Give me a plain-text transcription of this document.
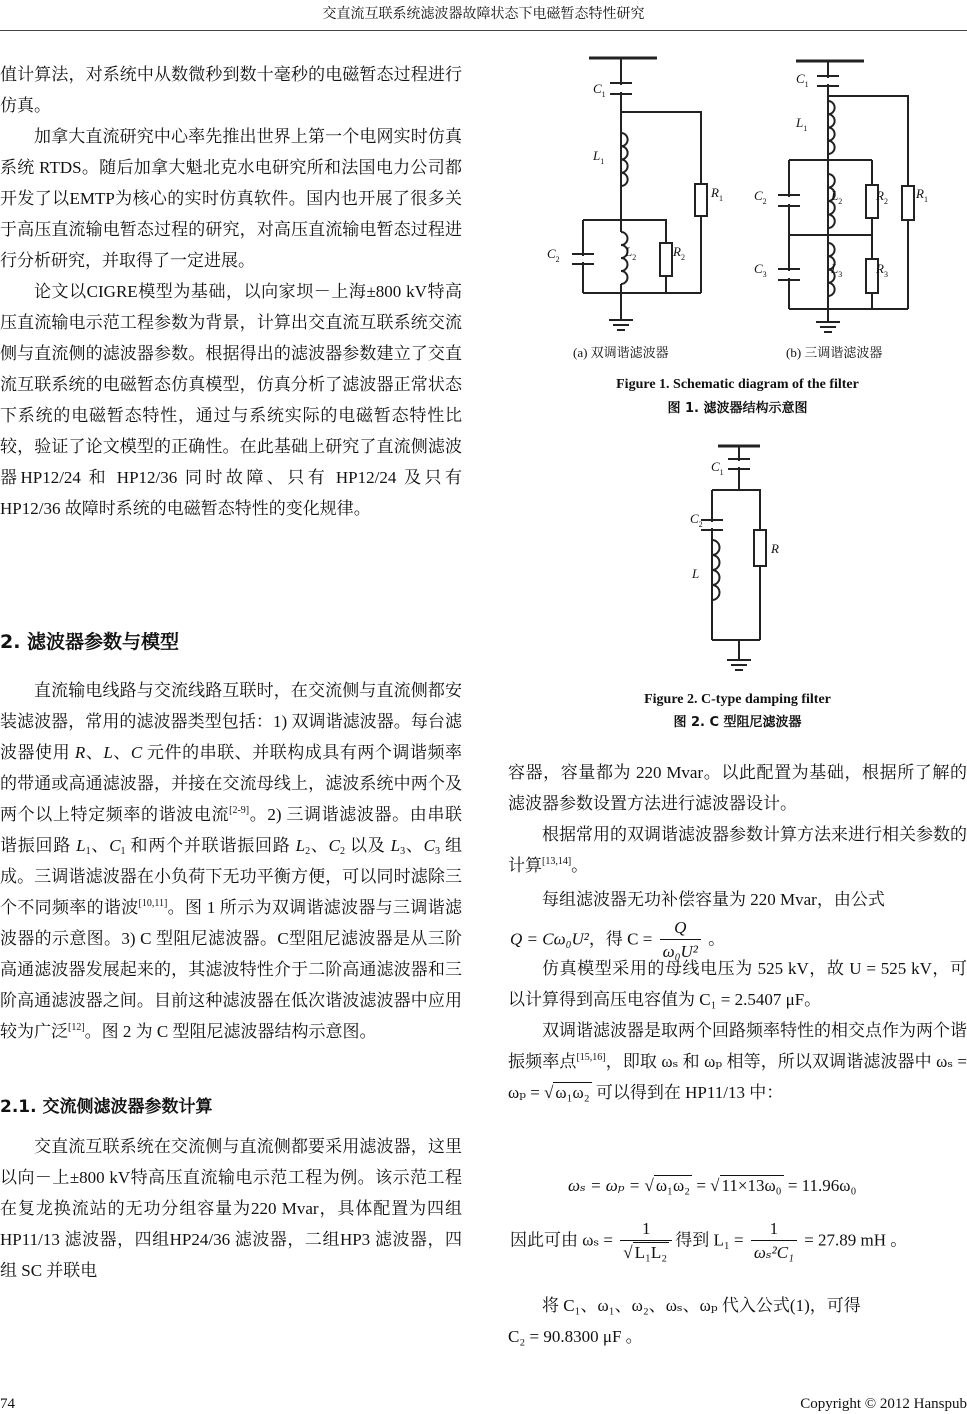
交直流互联系统滤波器故障状态下电磁暂态特性研究

值计算法，对系统中从数微秒到数十毫秒的电磁暂态过程进行仿真。

加拿大直流研究中心率先推出世界上第一个电网实时仿真系统 RTDS。随后加拿大魁北克水电研究所和法国电力公司都开发了以EMTP为核心的实时仿真软件。国内也开展了很多关于高压直流输电暂态过程的研究，对高压直流输电暂态过程进行分析研究，并取得了一定进展。

论文以CIGRE模型为基础，以向家坝－上海±800 kV特高压直流输电示范工程参数为背景，计算出交直流互联系统交流侧与直流侧的滤波器参数。根据得出的滤波器参数建立了交直流互联系统的电磁暂态仿真模型，仿真分析了滤波器正常状态下系统的电磁暂态特性，通过与系统实际的电磁暂态特性比较，验证了论文模型的正确性。在此基础上研究了直流侧滤波器HP12/24 和 HP12/36 同时故障、只有 HP12/24 及只有HP12/36 故障时系统的电磁暂态特性的变化规律。

2. 滤波器参数与模型

直流输电线路与交流线路互联时，在交流侧与直流侧都安装滤波器，常用的滤波器类型包括：1) 双调谐滤波器。每台滤波器使用 R、L、C 元件的串联、并联构成具有两个调谐频率的带通或高通滤波器，并接在交流母线上，滤波系统中两个及两个以上特定频率的谐波电流[2-9]。2) 三调谐滤波器。由串联谐振回路 $L_1$、$C_1$ 和两个并联谐振回路 $L_2$、$C_2$ 以及 $L_3$、$C_3$ 组成。三调谐滤波器在小负荷下无功平衡方便，可以同时滤除三个不同频率的谐波[10,11]。图 1 所示为双调谐滤波器与三调谐滤波器的示意图。3) C 型阻尼滤波器。C型阻尼滤波器是从三阶高通滤波器发展起来的，其滤波特性介于二阶高通滤波器和三阶高通滤波器之间。目前这种滤波器在低次谐波滤波器中应用较为广泛[12]。图 2 为 C 型阻尼滤波器结构示意图。

2.1. 交流侧滤波器参数计算

交直流互联系统在交流侧与直流侧都要采用滤波器，这里以向－上±800 kV特高压直流输电示范工程为例。该示范工程在复龙换流站的无功分组容量为220 Mvar，具体配置为四组 HP11/13 滤波器，四组HP24/36 滤波器，二组HP3 滤波器，四组 SC 并联电

$C_1$
$L_1$
$R_1$
$C_2$
$L_2$	$R_2$
$C_1$
$L_1$
$R_1$
$C_2$	$L_2$	$R_2$
$C_3$	$L_3$	$R_3$
$C_1$
$C_2$
R
L
(a) 双调谐滤波器	(b) 三调谐滤波器
Figure 1. Schematic diagram of the filter
图 1. 滤波器结构示意图
Figure 2. C-type damping filter
图 2. C 型阻尼滤波器

容器，容量都为 220 Mvar。以此配置为基础，根据所了解的滤波器参数设置方法进行滤波器设计。

根据常用的双调谐滤波器参数计算方法来进行相关参数的计算[13,14]。

每组滤波器无功补偿容量为 220 Mvar，由公式

Q = Cω₀U²，得 $C = \frac{Q}{\text{ω₀U²}}$ 。

仿真模型采用的母线电压为 525 kV，故 U = 525 kV，可以计算得到高压电容值为 C₁ = 2.5407 μF。

双调谐滤波器是取两个回路频率特性的相交点作为两个谐振频率点[15,16]，即取 ωₛ 和 ωₚ 相等，所以双调谐滤波器中 ωₛ = ωₚ = √ ω₁ω₂ 可以得到在 HP11/13 中：

ωₛ = ωₚ = √ ω₁ω₂ = √ 11×13ω₀ = 11.96ω₀
因此可由 $\omega_s = \frac{1}{\text{√ L₁L₂}}$ 得到 $L_1 = \frac{1}{\text{ωₛ²C₁}} = 27.89$ mH 。

将 C₁、ω₁、ω₂、ωₛ、ωₚ 代入公式(1)，可得

C₂ = 90.8300 μF 。

74	Copyright © 2012 Hanspub
